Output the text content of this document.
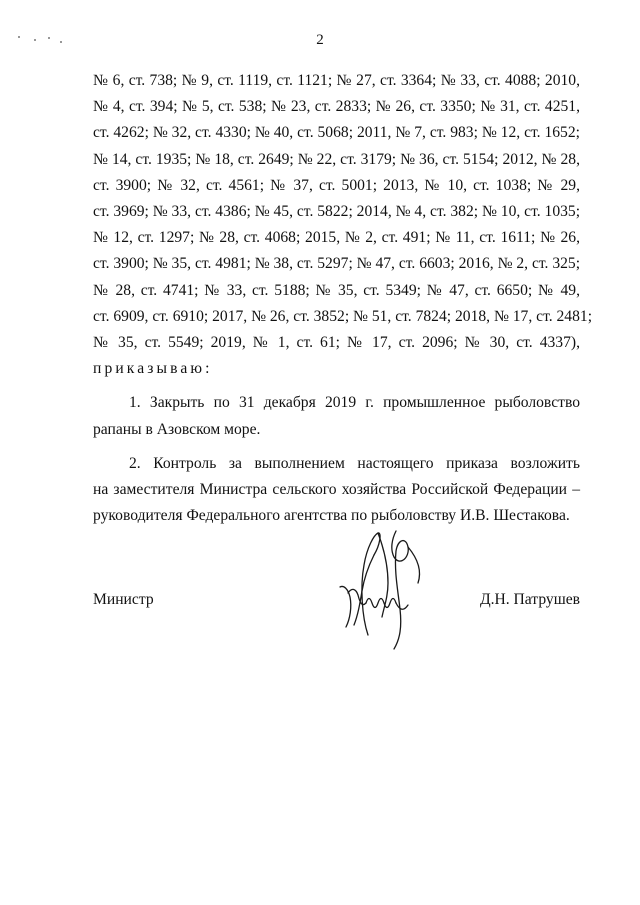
2
№ 6, ст. 738; № 9, ст. 1119, ст. 1121; № 27, ст. 3364; № 33, ст. 4088; 2010,
№ 4, ст. 394; № 5, ст. 538; № 23, ст. 2833; № 26, ст. 3350; № 31, ст. 4251,
ст. 4262; № 32, ст. 4330; № 40, ст. 5068; 2011, № 7, ст. 983; № 12, ст. 1652;
№ 14, ст. 1935; № 18, ст. 2649; № 22, ст. 3179; № 36, ст. 5154; 2012, № 28,
ст. 3900; № 32, ст. 4561; № 37, ст. 5001; 2013, № 10, ст. 1038; № 29,
ст. 3969; № 33, ст. 4386; № 45, ст. 5822; 2014, № 4, ст. 382; № 10, ст. 1035;
№ 12, ст. 1297; № 28, ст. 4068; 2015, № 2, ст. 491; № 11, ст. 1611; № 26,
ст. 3900; № 35, ст. 4981; № 38, ст. 5297; № 47, ст. 6603; 2016, № 2, ст. 325;
№ 28, ст. 4741; № 33, ст. 5188; № 35, ст. 5349; № 47, ст. 6650; № 49,
ст. 6909, ст. 6910; 2017, № 26, ст. 3852; № 51, ст. 7824; 2018, № 17, ст. 2481;
№ 35, ст. 5549; 2019, № 1, ст. 61; № 17, ст. 2096; № 30, ст. 4337),
приказываю:
1. Закрыть по 31 декабря 2019 г. промышленное рыболовство
рапаны в Азовском море.
2. Контроль за выполнением настоящего приказа возложить
на заместителя Министра сельского хозяйства Российской Федерации –
руководителя Федерального агентства по рыболовству И.В. Шестакова.
Министр	Д.Н. Патрушев
